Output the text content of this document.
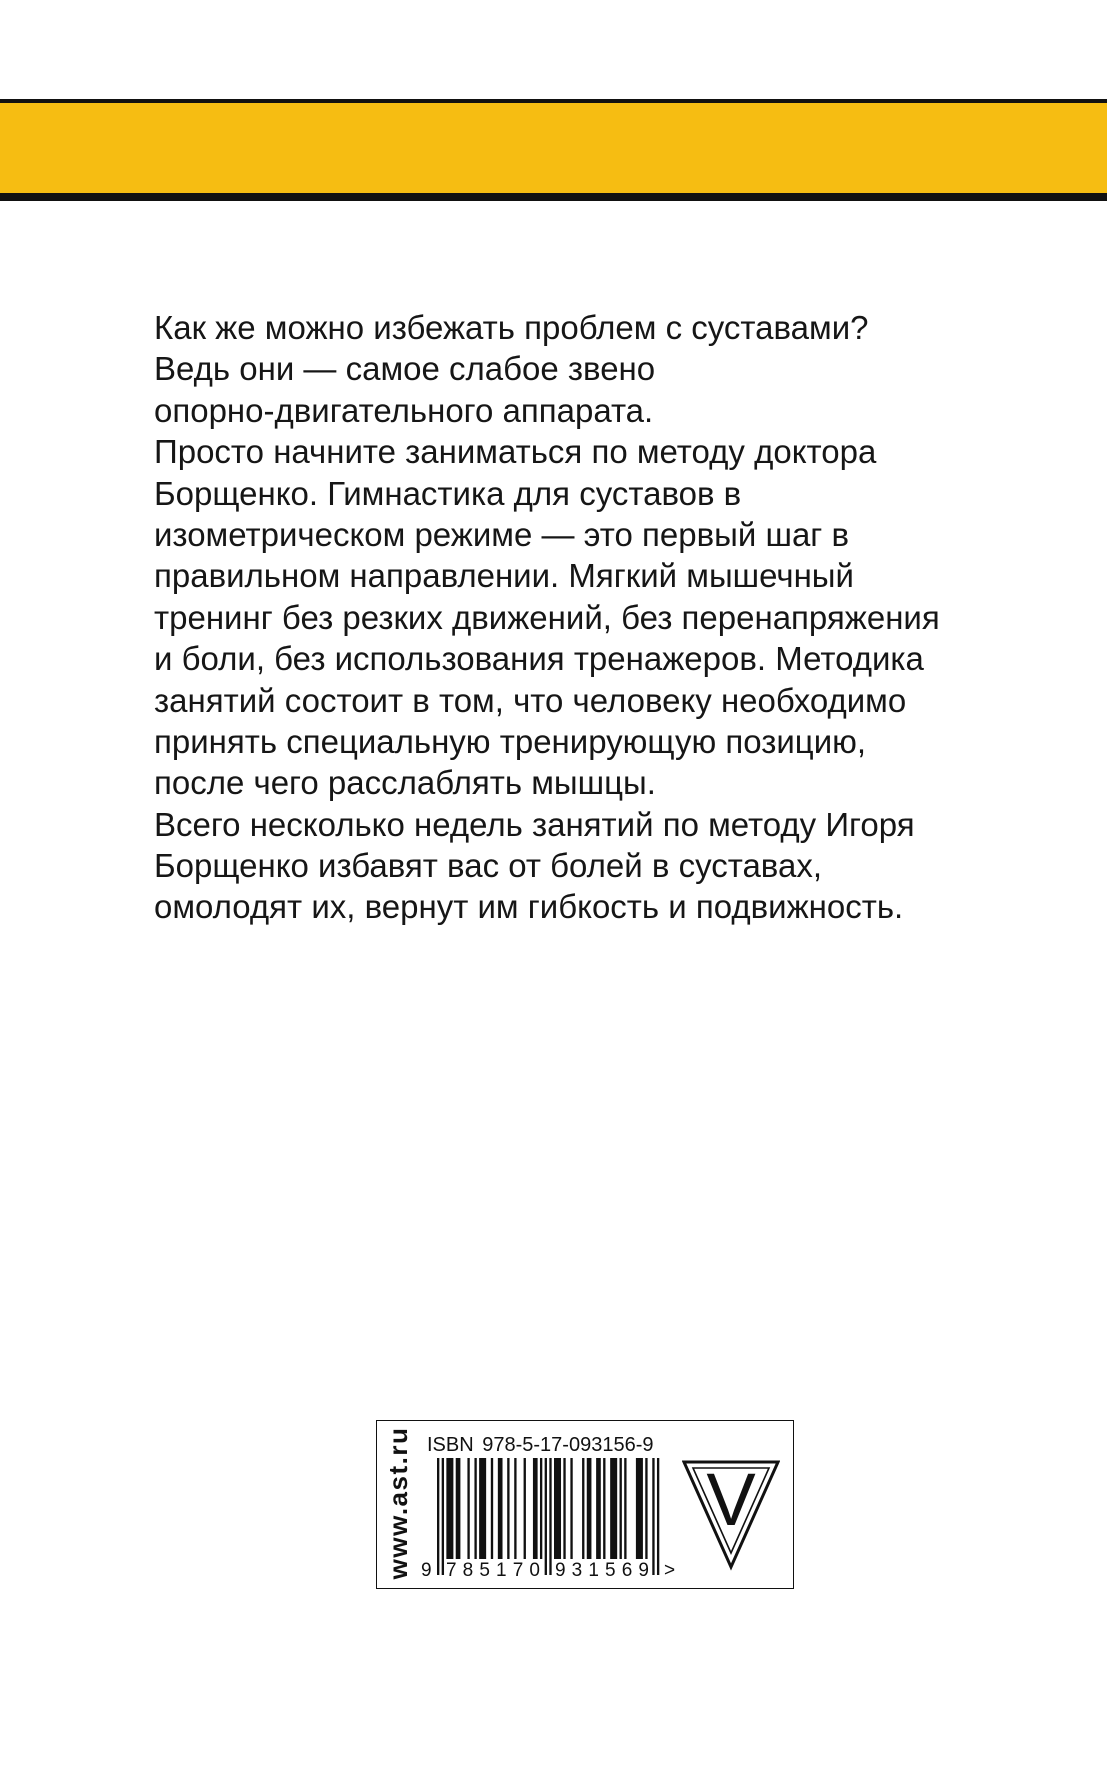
Как же можно избежать проблем с суставами?
Ведь они — самое слабое звено
опорно-двигательного аппарата.
Просто начните заниматься по методу доктора
Борщенко. Гимнастика для суставов в
изометрическом режиме — это первый шаг в
правильном направлении. Мягкий мышечный
тренинг без резких движений, без перенапряжения
и боли, без использования тренажеров. Методика
занятий состоит в том, что человеку необходимо
принять специальную тренирующую позицию,
после чего расслаблять мышцы.
Всего несколько недель занятий по методу Игоря
Борщенко избавят вас от болей в суставах,
омолодят их, вернут им гибкость и подвижность.
www.ast.ru ISBN 978-5-17-093156-9
9 785170 931569 >
V
